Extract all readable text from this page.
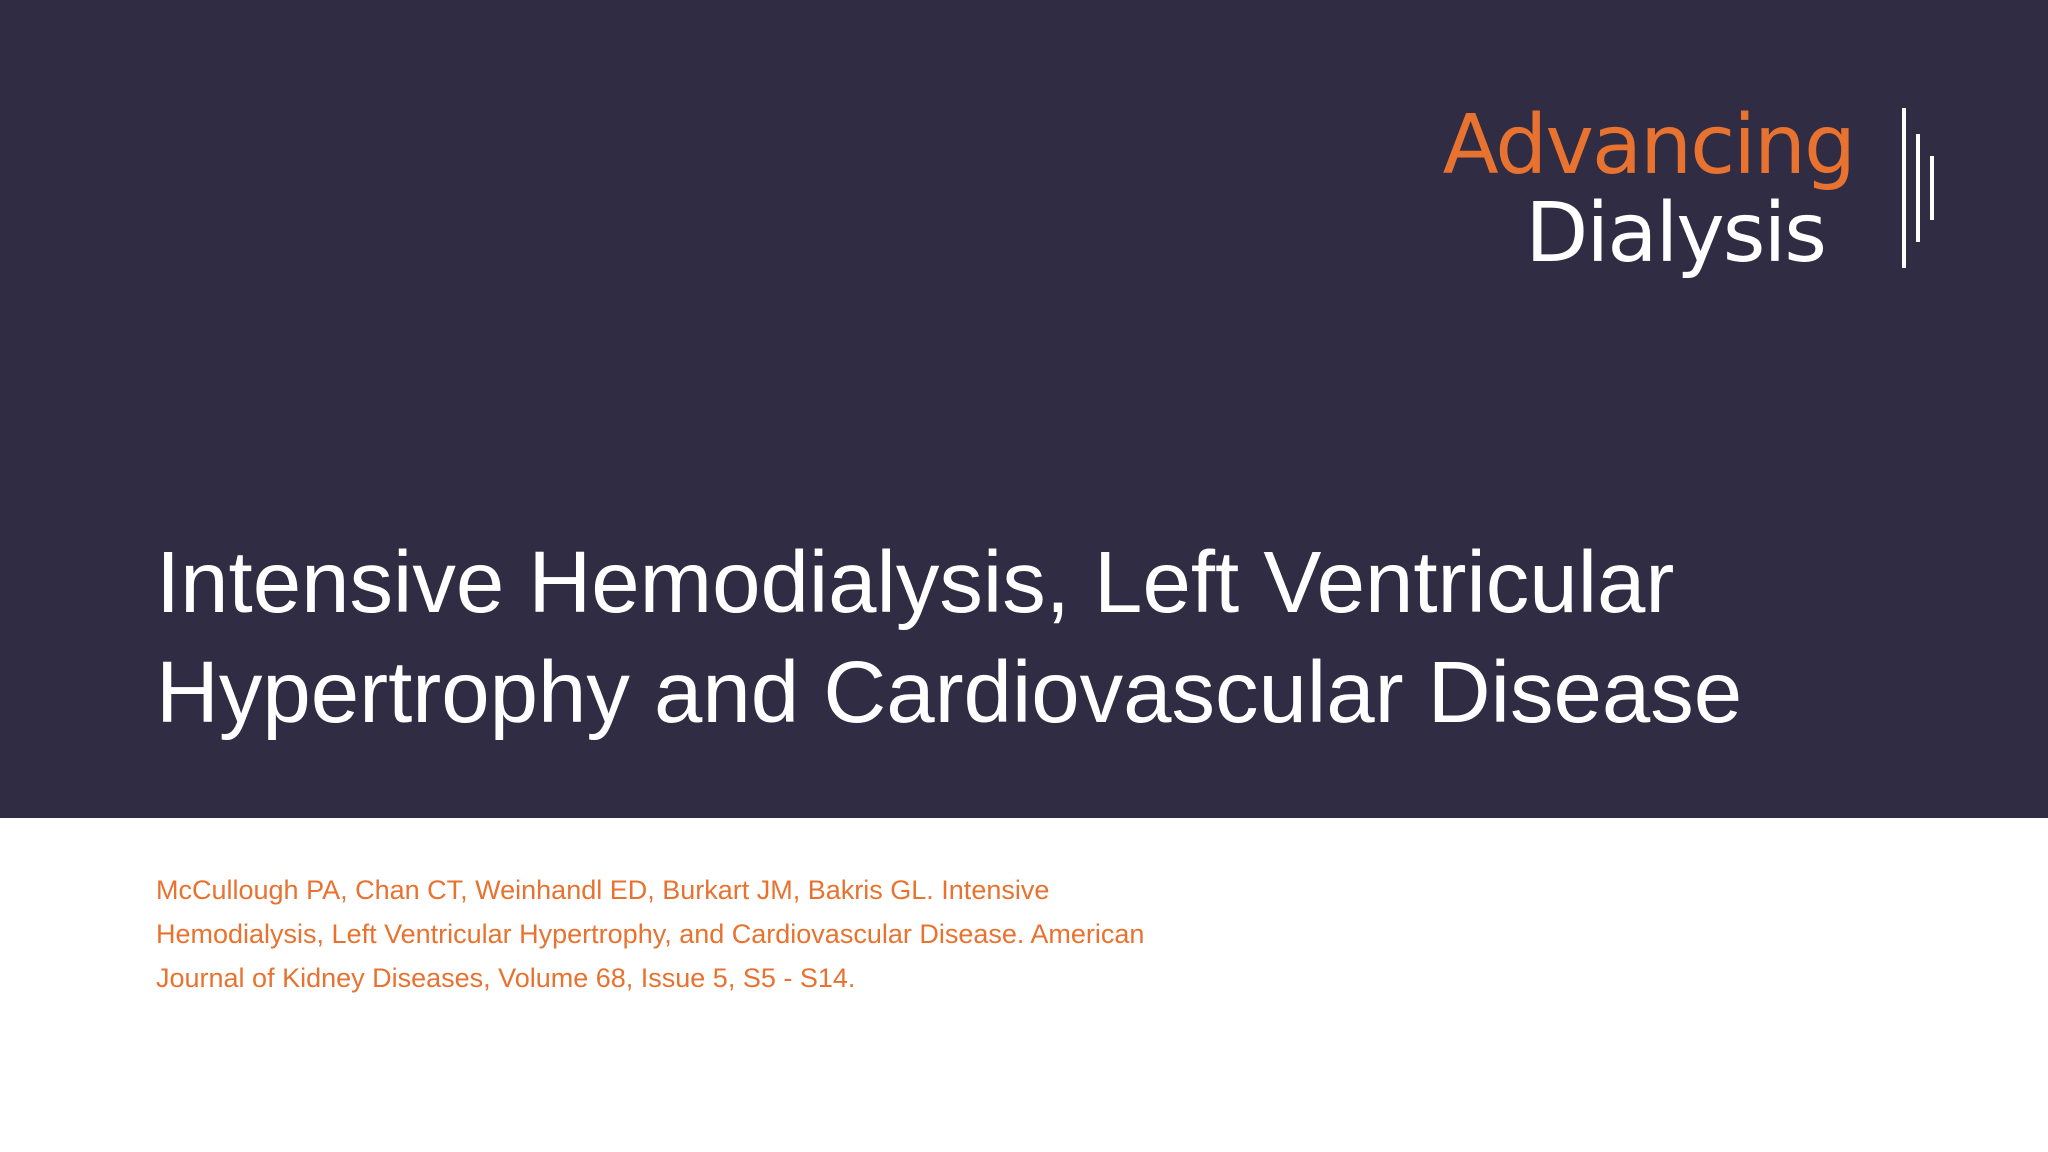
Advancing
Dialysis
Intensive Hemodialysis, Left Ventricular
Hypertrophy and Cardiovascular Disease

McCullough PA, Chan CT, Weinhandl ED, Burkart JM, Bakris GL. Intensive
Hemodialysis, Left Ventricular Hypertrophy, and Cardiovascular Disease. American
Journal of Kidney Diseases, Volume 68, Issue 5, S5 - S14.
